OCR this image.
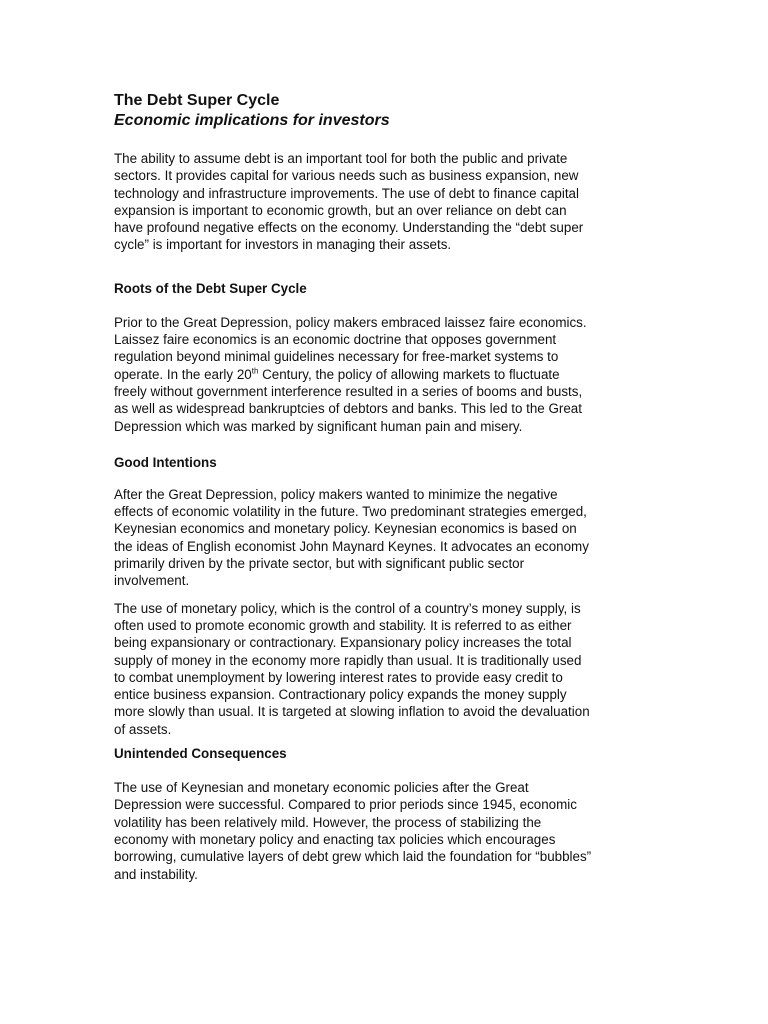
The Debt Super Cycle
Economic implications for investors

The ability to assume debt is an important tool for both the public and private
sectors. It provides capital for various needs such as business expansion, new
technology and infrastructure improvements. The use of debt to finance capital
expansion is important to economic growth, but an over reliance on debt can
have profound negative effects on the economy. Understanding the “debt super
cycle” is important for investors in managing their assets.

Roots of the Debt Super Cycle

Prior to the Great Depression, policy makers embraced laissez faire economics.
Laissez faire economics is an economic doctrine that opposes government
regulation beyond minimal guidelines necessary for free-market systems to
operate. In the early 20th Century, the policy of allowing markets to fluctuate
freely without government interference resulted in a series of booms and busts,
as well as widespread bankruptcies of debtors and banks. This led to the Great
Depression which was marked by significant human pain and misery.

Good Intentions

After the Great Depression, policy makers wanted to minimize the negative
effects of economic volatility in the future. Two predominant strategies emerged,
Keynesian economics and monetary policy. Keynesian economics is based on
the ideas of English economist John Maynard Keynes. It advocates an economy
primarily driven by the private sector, but with significant public sector
involvement.

The use of monetary policy, which is the control of a country’s money supply, is
often used to promote economic growth and stability. It is referred to as either
being expansionary or contractionary. Expansionary policy increases the total
supply of money in the economy more rapidly than usual. It is traditionally used
to combat unemployment by lowering interest rates to provide easy credit to
entice business expansion. Contractionary policy expands the money supply
more slowly than usual. It is targeted at slowing inflation to avoid the devaluation
of assets.

Unintended Consequences

The use of Keynesian and monetary economic policies after the Great
Depression were successful. Compared to prior periods since 1945, economic
volatility has been relatively mild. However, the process of stabilizing the
economy with monetary policy and enacting tax policies which encourages
borrowing, cumulative layers of debt grew which laid the foundation for “bubbles”
and instability.
